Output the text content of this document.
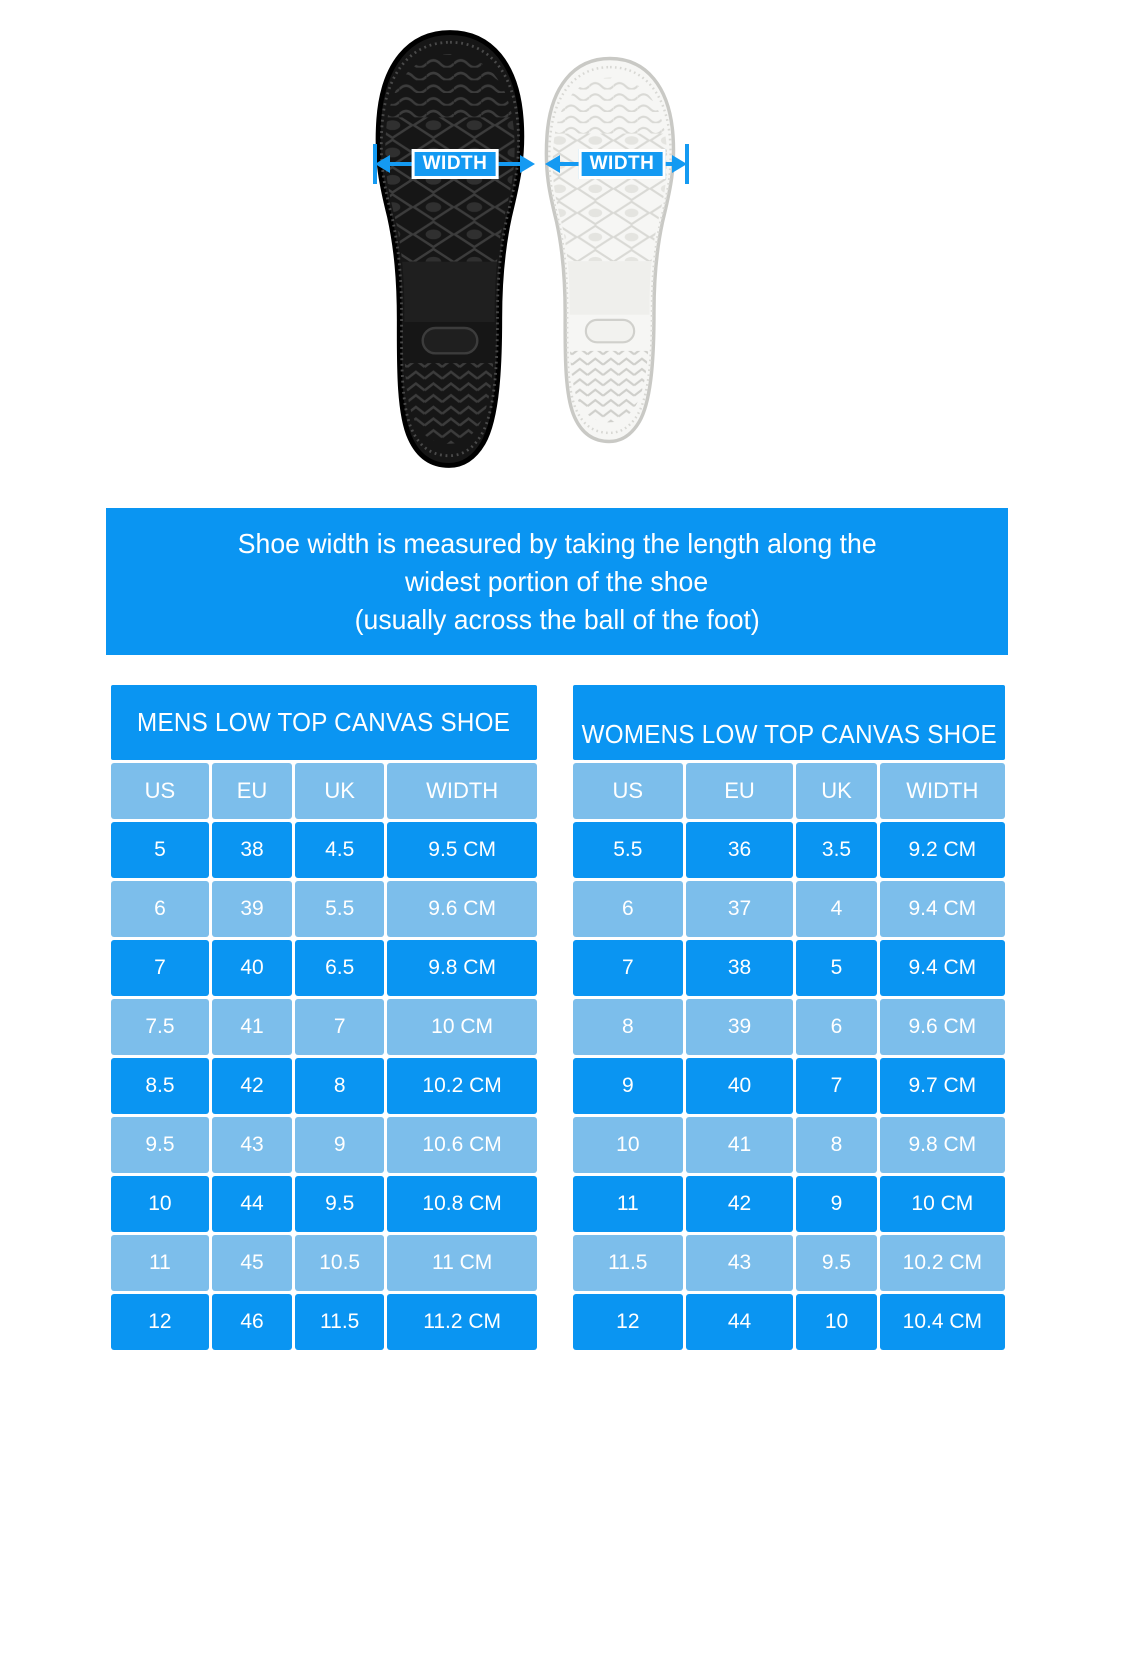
WIDTH	WIDTH
Shoe width is measured by taking the length along the
widest portion of the shoe
(usually across the ball of the foot)
MENS LOW TOP CANVAS SHOE
US	EU	UK	WIDTH
5	38	4.5	9.5 CM
6	39	5.5	9.6 CM
7	40	6.5	9.8 CM
7.5	41	7	10 CM
8.5	42	8	10.2 CM
9.5	43	9	10.6 CM
10	44	9.5	10.8 CM
11	45	10.5	11 CM
12	46	11.5	11.2 CM
WOMENS LOW TOP CANVAS SHOE
US	EU	UK	WIDTH
5.5	36	3.5	9.2 CM
6	37	4	9.4 CM
7	38	5	9.4 CM
8	39	6	9.6 CM
9	40	7	9.7 CM
10	41	8	9.8 CM
11	42	9	10 CM
11.5	43	9.5	10.2 CM
12	44	10	10.4 CM
